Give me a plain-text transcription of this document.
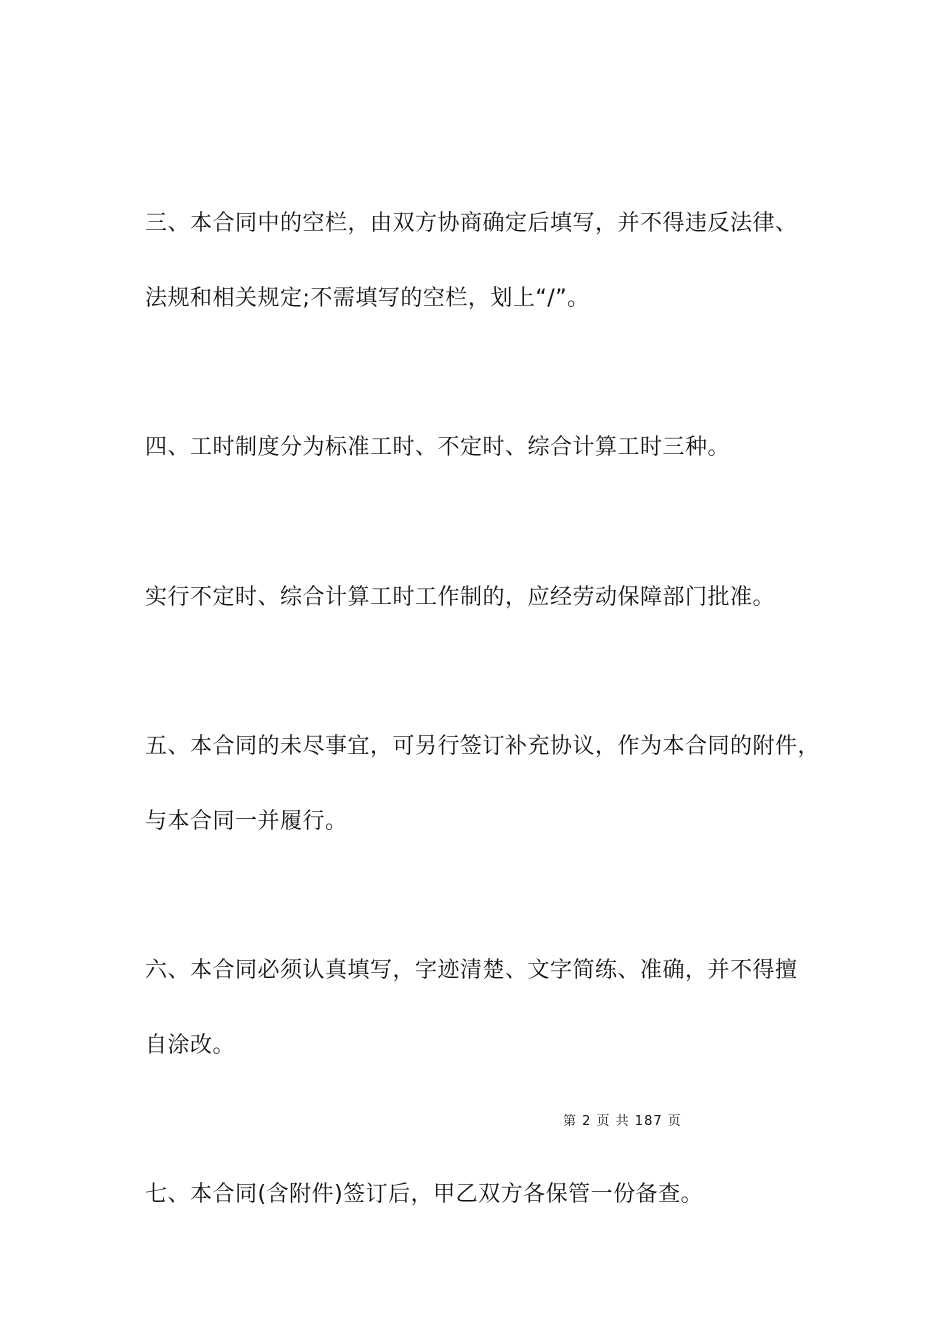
三、本合同中的空栏，由双方协商确定后填写，并不得违反法律、
法规和相关规定;不需填写的空栏，划上“/”。
四、工时制度分为标准工时、不定时、综合计算工时三种。
实行不定时、综合计算工时工作制的，应经劳动保障部门批准。
五、本合同的未尽事宜，可另行签订补充协议，作为本合同的附件，
与本合同一并履行。
六、本合同必须认真填写，字迹清楚、文字简练、准确，并不得擅
自涂改。
第 2 页 共 187 页
七、本合同(含附件)签订后，甲乙双方各保管一份备查。
